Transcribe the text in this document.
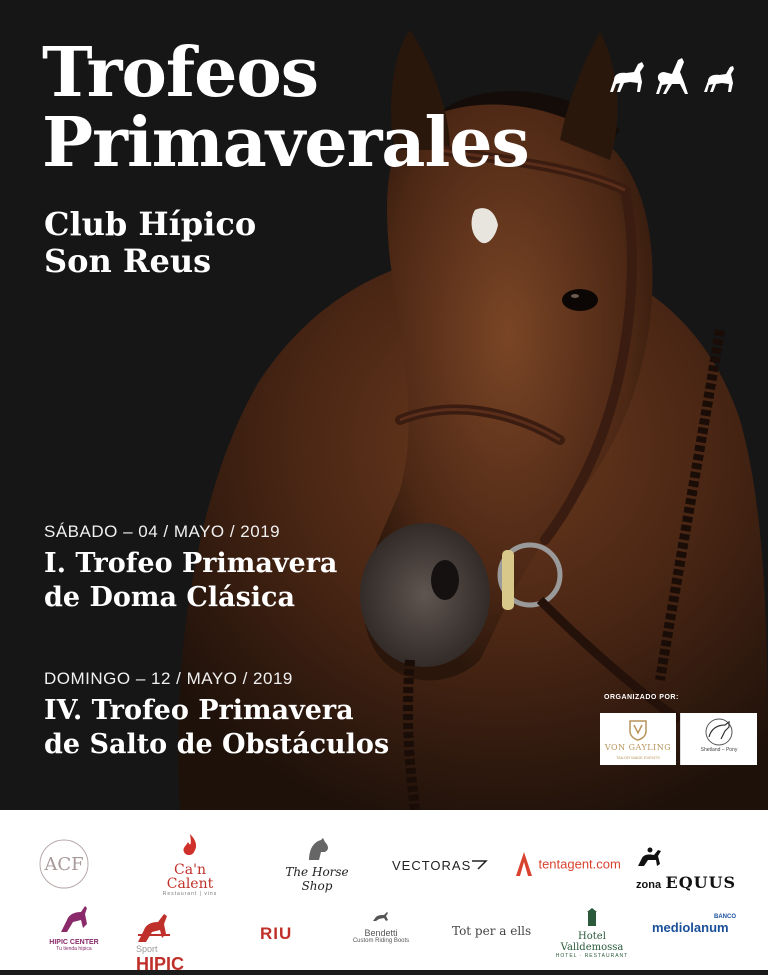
Trofeos
Primaverales
Club Hípico
Son Reus
SÁBADO – 04 / MAYO / 2019
I. Trofeo Primavera
de Doma Clásica
DOMINGO – 12 / MAYO / 2019
IV. Trofeo Primavera
de Salto de Obstáculos
ORGANIZADO POR:
VON GAYLING
TAILOR MADE EVENTS
Shetland – Pony
ACF	Ca'n Calent
Restaurant | vins
The Horse Shop
VECTORAS	tentagent.com

zona EQUUS
HIPIC CENTER
Tu tienda hípica
	Sport
HIPIC
RIU	Bendetti
Custom Riding Boots
Tot per a ells	Hotel Valldemossa
HOTEL · RESTAURANT
BANCO
mediolanum
